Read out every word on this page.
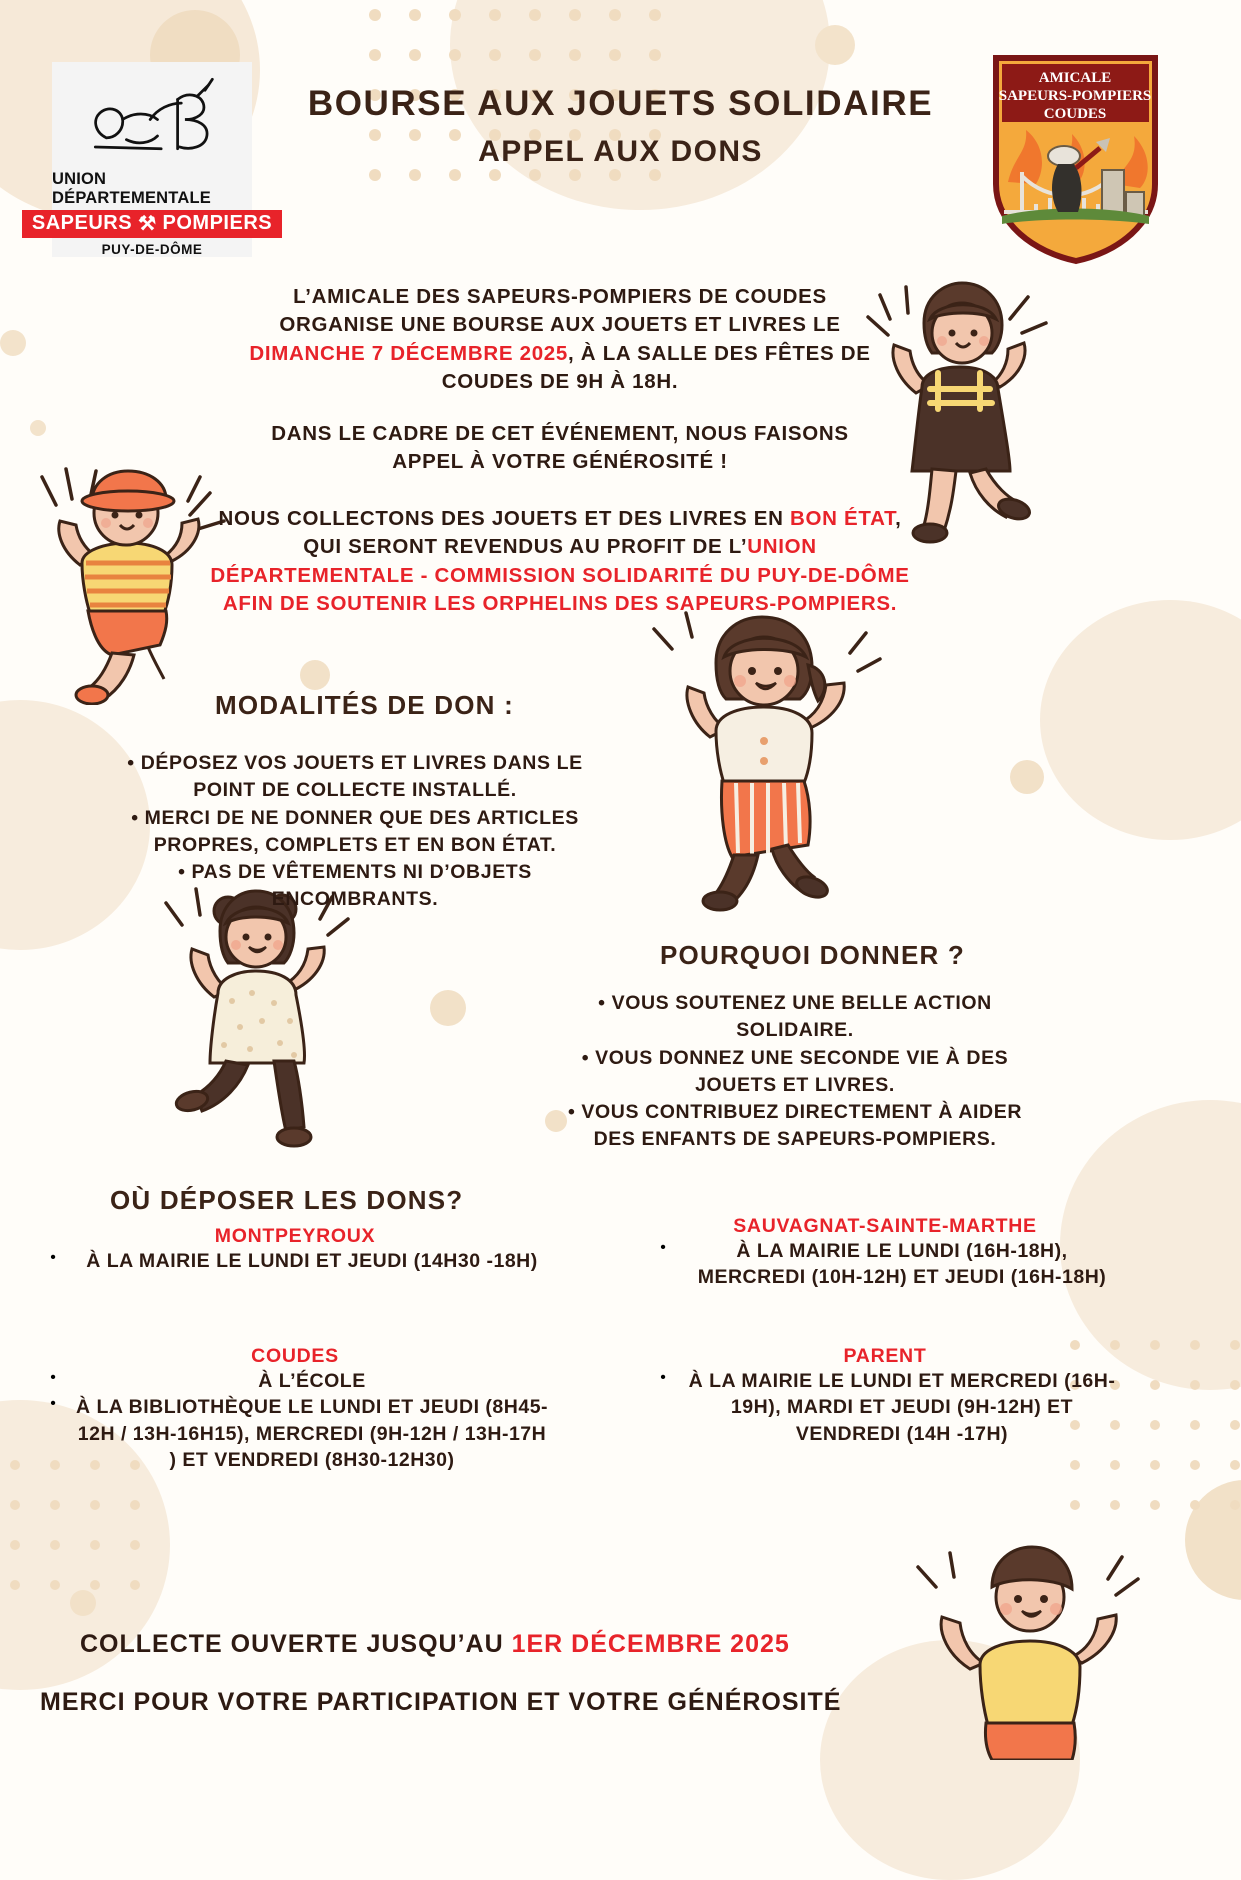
UNION DÉPARTEMENTALE
SAPEURS ⚒ POMPIERS
PUY-DE-DÔME
AMICALE
SAPEURS-POMPIERS
COUDES
BOURSE AUX JOUETS SOLIDAIRE
APPEL AUX DONS
L’AMICALE DES SAPEURS-POMPIERS DE COUDES
ORGANISE UNE BOURSE AUX JOUETS ET LIVRES LE
DIMANCHE 7 DÉCEMBRE 2025, À LA SALLE DES FÊTES DE
COUDES DE 9H À 18H.
DANS LE CADRE DE CET ÉVÉNEMENT, NOUS FAISONS
APPEL À VOTRE GÉNÉROSITÉ !
NOUS COLLECTONS DES JOUETS ET DES LIVRES EN BON ÉTAT, QUI SERONT REVENDUS AU PROFIT DE L’UNION DÉPARTEMENTALE - COMMISSION SOLIDARITÉ DU PUY-DE-DÔME
AFIN DE SOUTENIR LES ORPHELINS DES SAPEURS-POMPIERS.
MODALITÉS DE DON :
• DÉPOSEZ VOS JOUETS ET LIVRES DANS LE POINT DE COLLECTE INSTALLÉ.
• MERCI DE NE DONNER QUE DES ARTICLES PROPRES, COMPLETS ET EN BON ÉTAT.
• PAS DE VÊTEMENTS NI D’OBJETS ENCOMBRANTS.
POURQUOI DONNER ?
• VOUS SOUTENEZ UNE BELLE ACTION SOLIDAIRE.
• VOUS DONNEZ UNE SECONDE VIE À DES JOUETS ET LIVRES.
• VOUS CONTRIBUEZ DIRECTEMENT À AIDER DES ENFANTS DE SAPEURS-POMPIERS.
OÙ DÉPOSER LES DONS?
MONTPEYROUX
•	À LA MAIRIE LE LUNDI ET JEUDI (14H30 -18H)
SAUVAGNAT-SAINTE-MARTHE
•	À LA MAIRIE LE LUNDI (16H-18H), MERCREDI (10H-12H) ET JEUDI (16H-18H)
COUDES
•	À L’ÉCOLE
•	À LA BIBLIOTHÈQUE LE LUNDI ET JEUDI (8H45-12H / 13H-16H15), MERCREDI (9H-12H / 13H-17H ) ET VENDREDI (8H30-12H30)
PARENT
•	À LA MAIRIE LE LUNDI ET MERCREDI (16H-19H), MARDI ET JEUDI (9H-12H) ET VENDREDI (14H -17H)
COLLECTE OUVERTE JUSQU’AU 1ER DÉCEMBRE 2025
MERCI POUR VOTRE PARTICIPATION ET VOTRE GÉNÉROSITÉ
